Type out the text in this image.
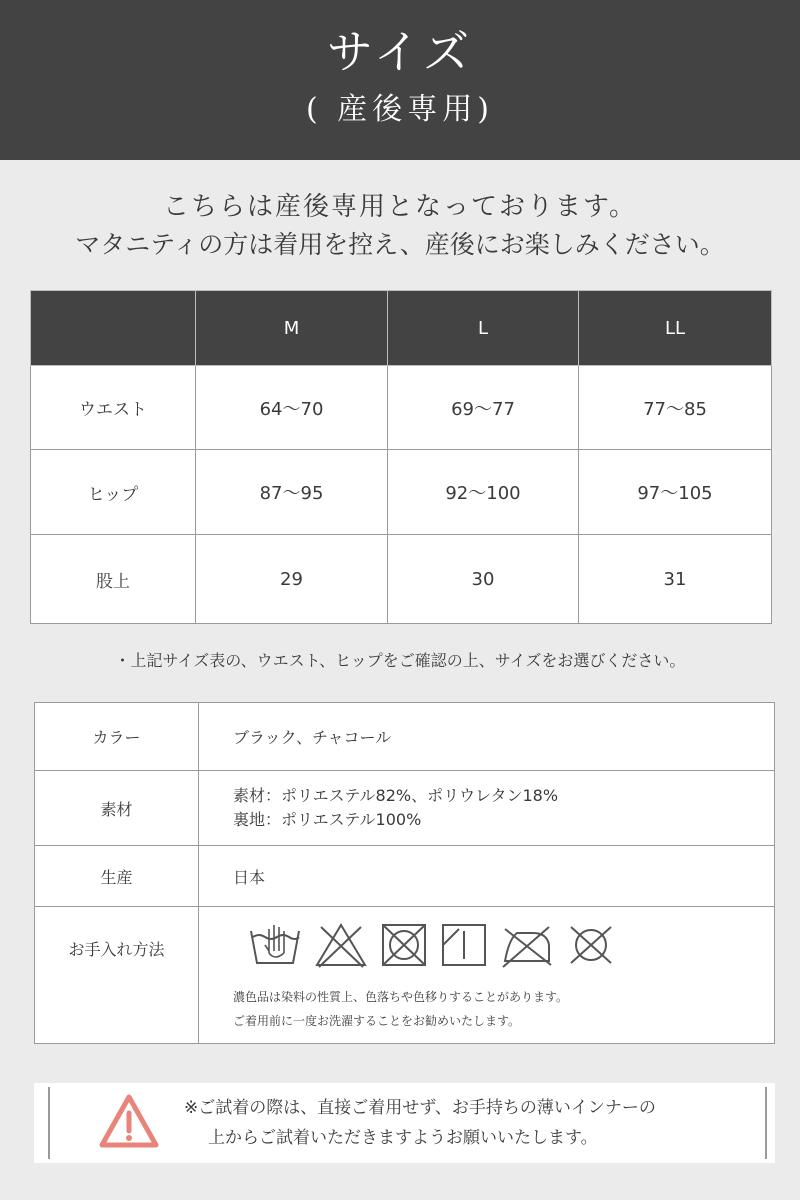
サイズ
( 産後専用)
こちらは産後専用となっております。
マタニティの方は着用を控え、産後にお楽しみください。
	M	L	LL
ウエスト	64〜70	69〜77	77〜85
ヒップ	87〜95	92〜100	97〜105
股上	29	30	31
・上記サイズ表の、ウエスト、ヒップをご確認の上、サイズをお選びください。
カラー	ブラック、チャコール
素材	素材：ポリエステル82%、ポリウレタン18%
裏地：ポリエステル100%

生産	日本
お手入れ方法	濃色品は染料の性質上、色落ちや色移りすることがあります。
ご着用前に一度お洗濯することをお勧めいたします。
※ご試着の際は、直接ご着用せず、お手持ちの薄いインナーの
上からご試着いただきますようお願いいたします。
